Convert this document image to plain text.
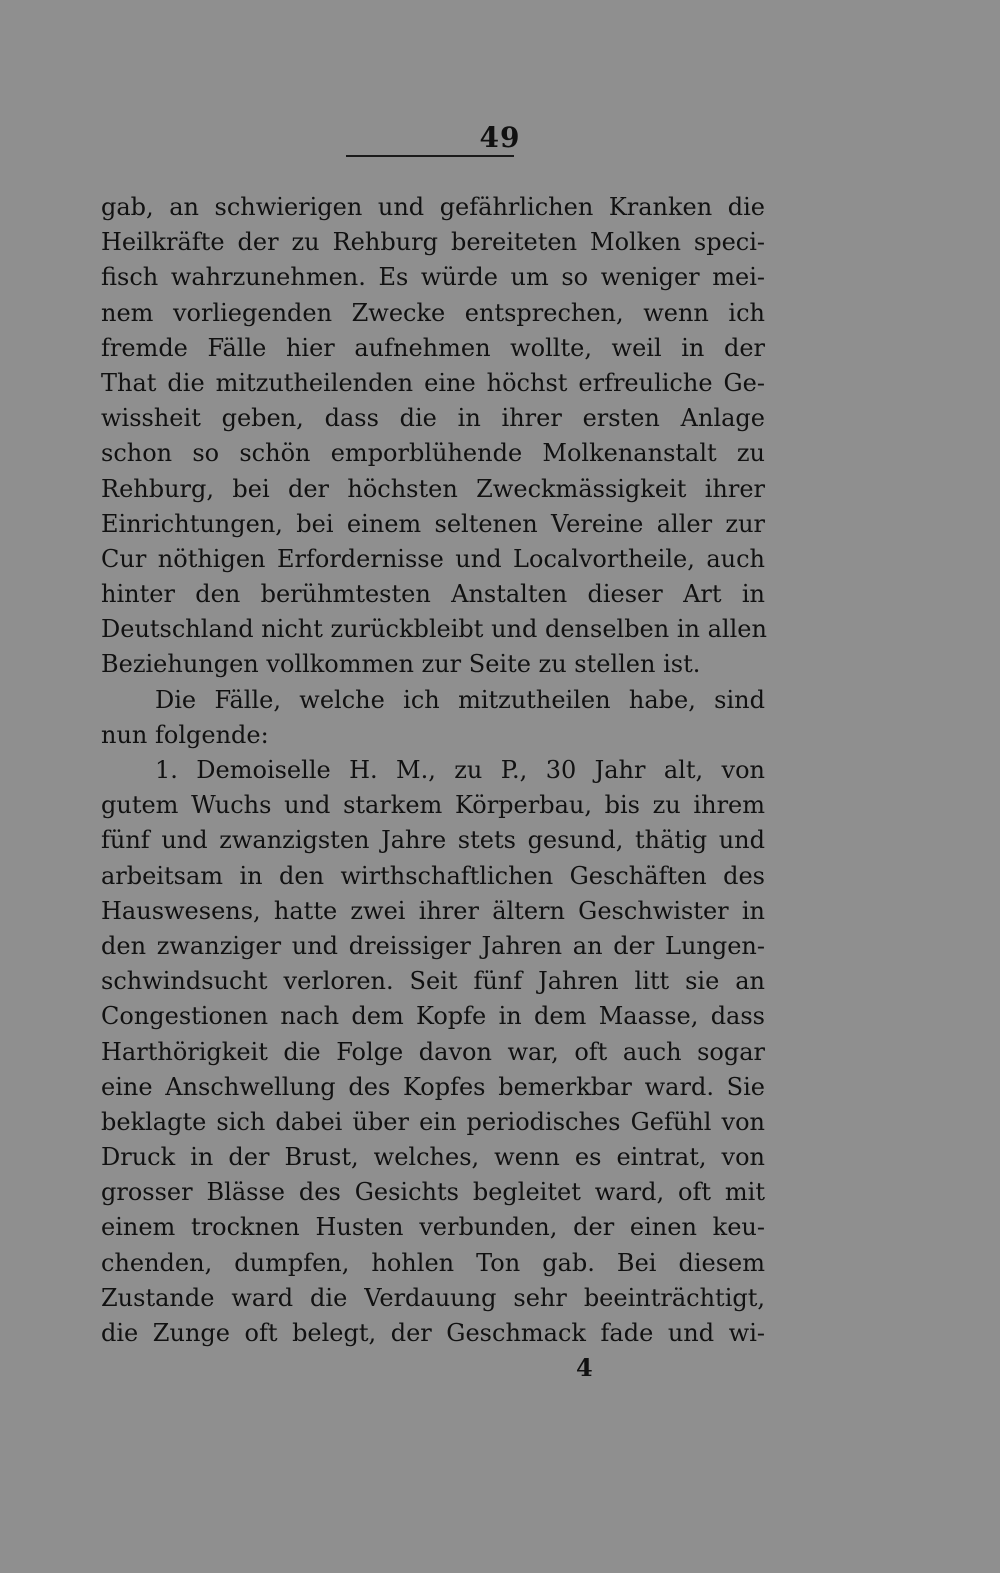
49
gab, an schwierigen und gefährlichen Kranken die
Heilkräfte der zu Rehburg bereiteten Molken speci-
fisch wahrzunehmen. Es würde um so weniger mei-
nem vorliegenden Zwecke entsprechen, wenn ich
fremde Fälle hier aufnehmen wollte, weil in der
That die mitzutheilenden eine höchst erfreuliche Ge-
wissheit geben, dass die in ihrer ersten Anlage
schon so schön emporblühende Molkenanstalt zu
Rehburg, bei der höchsten Zweckmässigkeit ihrer
Einrichtungen, bei einem seltenen Vereine aller zur
Cur nöthigen Erfordernisse und Localvortheile, auch
hinter den berühmtesten Anstalten dieser Art in
Deutschland nicht zurückbleibt und denselben in allen
Beziehungen vollkommen zur Seite zu stellen ist.
Die Fälle, welche ich mitzutheilen habe, sind
nun folgende:
1. Demoiselle H. M., zu P., 30 Jahr alt, von
gutem Wuchs und starkem Körperbau, bis zu ihrem
fünf und zwanzigsten Jahre stets gesund, thätig und
arbeitsam in den wirthschaftlichen Geschäften des
Hauswesens, hatte zwei ihrer ältern Geschwister in
den zwanziger und dreissiger Jahren an der Lungen-
schwindsucht verloren. Seit fünf Jahren litt sie an
Congestionen nach dem Kopfe in dem Maasse, dass
Harthörigkeit die Folge davon war, oft auch sogar
eine Anschwellung des Kopfes bemerkbar ward. Sie
beklagte sich dabei über ein periodisches Gefühl von
Druck in der Brust, welches, wenn es eintrat, von
grosser Blässe des Gesichts begleitet ward, oft mit
einem trocknen Husten verbunden, der einen keu-
chenden, dumpfen, hohlen Ton gab. Bei diesem
Zustande ward die Verdauung sehr beeinträchtigt,
die Zunge oft belegt, der Geschmack fade und wi-
4
